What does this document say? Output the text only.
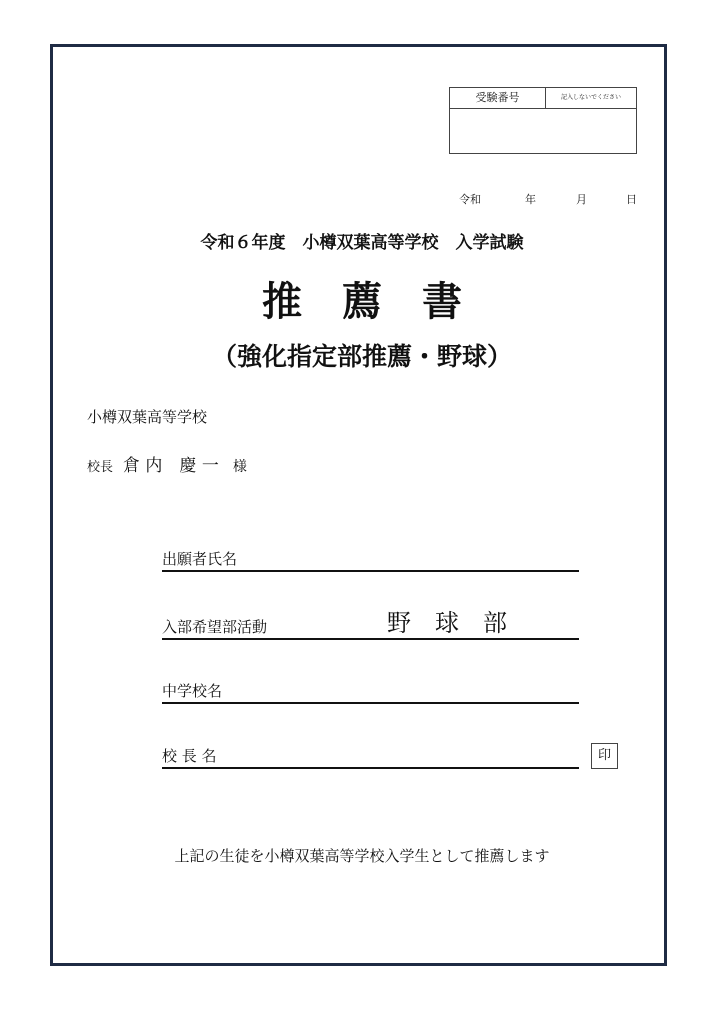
受験番号	記入しないでください
令和	年	月	日
令和６年度　小樽双葉高等学校　入学試験
推　薦　書
（強化指定部推薦・野球）
小樽双葉高等学校
校長 倉 内　慶 一 様
出願者氏名
入部希望部活動	野　球　部
中学校名
校 長 名	印
上記の生徒を小樽双葉高等学校入学生として推薦します
